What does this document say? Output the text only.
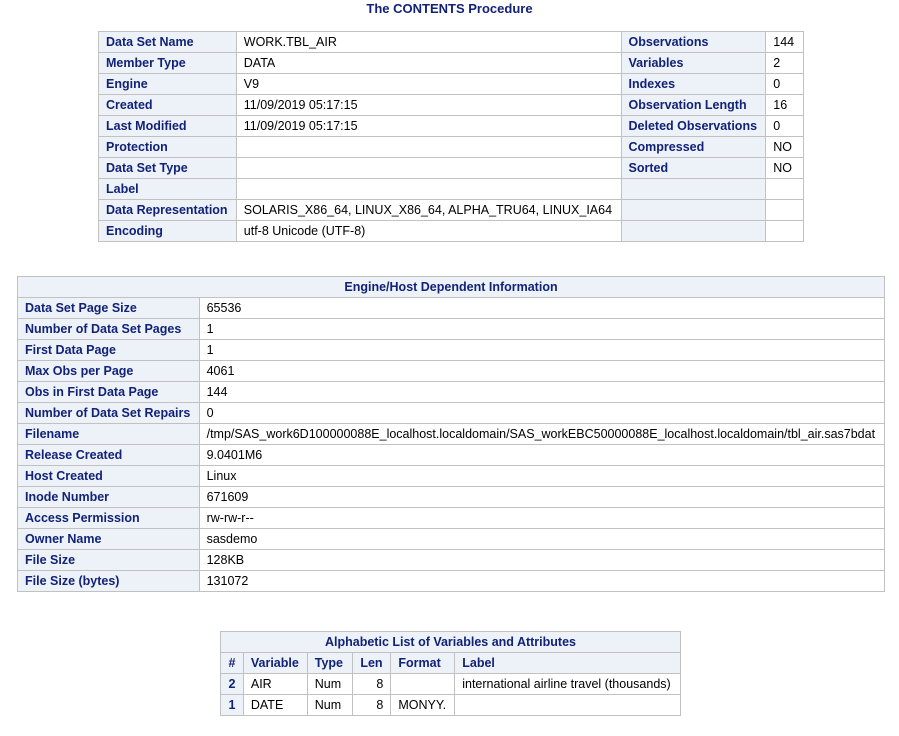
The CONTENTS Procedure
Data Set Name	WORK.TBL_AIR	Observations	144
Member Type	DATA	Variables	2
Engine	V9	Indexes	0
Created	11/09/2019 05:17:15	Observation Length	16
Last Modified	11/09/2019 05:17:15	Deleted Observations	0
Protection		Compressed	NO
Data Set Type		Sorted	NO
Label			
Data Representation	SOLARIS_X86_64, LINUX_X86_64, ALPHA_TRU64, LINUX_IA64		
Encoding	utf-8 Unicode (UTF-8)		
Engine/Host Dependent Information	
Data Set Page Size	65536
Number of Data Set Pages	1
First Data Page	1
Max Obs per Page	4061
Obs in First Data Page	144
Number of Data Set Repairs	0
Filename	/tmp/SAS_work6D100000088E_localhost.localdomain/SAS_workEBC50000088E_localhost.localdomain/tbl_air.sas7bdat
Release Created	9.0401M6
Host Created	Linux
Inode Number	671609
Access Permission	rw-rw-r--
Owner Name	sasdemo
File Size	128KB
File Size (bytes)	131072
Alphabetic List of Variables and Attributes					
#	Variable	Type	Len	Format	Label
2	AIR	Num	8		international airline travel (thousands)
1	DATE	Num	8	MONYY.	
